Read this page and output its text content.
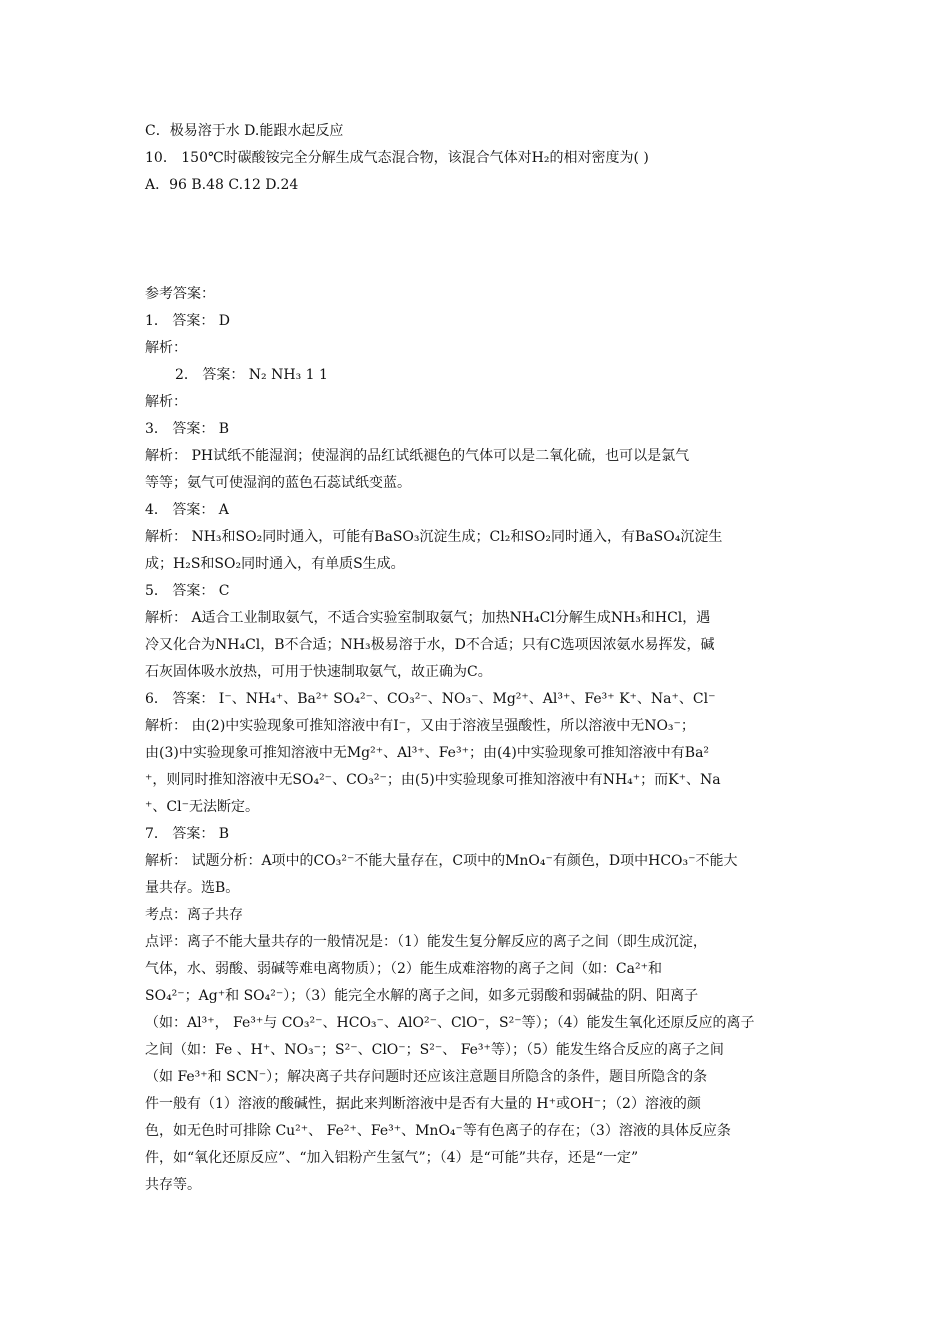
C．极易溶于水 D.能跟水起反应
10． 150℃时碳酸铵完全分解生成气态混合物，该混合气体对H₂的相对密度为( )
A．96 B.48 C.12 D.24
参考答案：
1． 答案： D
解析：
2． 答案： N₂ NH₃ 1 1
解析：
3． 答案： B
解析： PH试纸不能湿润；使湿润的品红试纸褪色的气体可以是二氧化硫，也可以是氯气
等等；氨气可使湿润的蓝色石蕊试纸变蓝。
4． 答案： A
解析： NH₃和SO₂同时通入，可能有BaSO₃沉淀生成；Cl₂和SO₂同时通入，有BaSO₄沉淀生
成；H₂S和SO₂同时通入，有单质S生成。
5． 答案： C
解析： A适合工业制取氨气，不适合实验室制取氨气；加热NH₄Cl分解生成NH₃和HCl，遇
冷又化合为NH₄Cl，B不合适；NH₃极易溶于水，D不合适；只有C选项因浓氨水易挥发，碱
石灰固体吸水放热，可用于快速制取氨气，故正确为C。
6． 答案： I⁻、NH₄⁺、Ba²⁺ SO₄²⁻、CO₃²⁻、NO₃⁻、Mg²⁺、Al³⁺、Fe³⁺ K⁺、Na⁺、Cl⁻
解析： 由(2)中实验现象可推知溶液中有I⁻，又由于溶液呈强酸性，所以溶液中无NO₃⁻；
由(3)中实验现象可推知溶液中无Mg²⁺、Al³⁺、Fe³⁺；由(4)中实验现象可推知溶液中有Ba²
⁺，则同时推知溶液中无SO₄²⁻、CO₃²⁻；由(5)中实验现象可推知溶液中有NH₄⁺；而K⁺、Na
⁺、Cl⁻无法断定。
7． 答案： B
解析： 试题分析：A项中的CO₃²⁻不能大量存在，C项中的MnO₄⁻有颜色，D项中HCO₃⁻不能大
量共存。选B。
考点：离子共存
点评：离子不能大量共存的一般情况是：（1）能发生复分解反应的离子之间（即生成沉淀，
气体，水、弱酸、弱碱等难电离物质）；（2）能生成难溶物的离子之间（如：Ca²⁺和
SO₄²⁻；Ag⁺和 SO₄²⁻）；（3）能完全水解的离子之间，如多元弱酸和弱碱盐的阴、阳离子
（如：Al³⁺， Fe³⁺与 CO₃²⁻、HCO₃⁻、AlO²⁻、ClO⁻，S²⁻等）；（4）能发生氧化还原反应的离子
之间（如：Fe 、H⁺、NO₃⁻；S²⁻、ClO⁻；S²⁻、 Fe³⁺等）；（5）能发生络合反应的离子之间
（如 Fe³⁺和 SCN⁻）；解决离子共存问题时还应该注意题目所隐含的条件，题目所隐含的条
件一般有（1）溶液的酸碱性，据此来判断溶液中是否有大量的 H⁺或OH⁻；（2）溶液的颜
色，如无色时可排除 Cu²⁺、 Fe²⁺、Fe³⁺、MnO₄⁻等有色离子的存在；（3）溶液的具体反应条
件，如“氧化还原反应”、“加入铝粉产生氢气”；（4）是“可能”共存，还是“一定”
共存等。
